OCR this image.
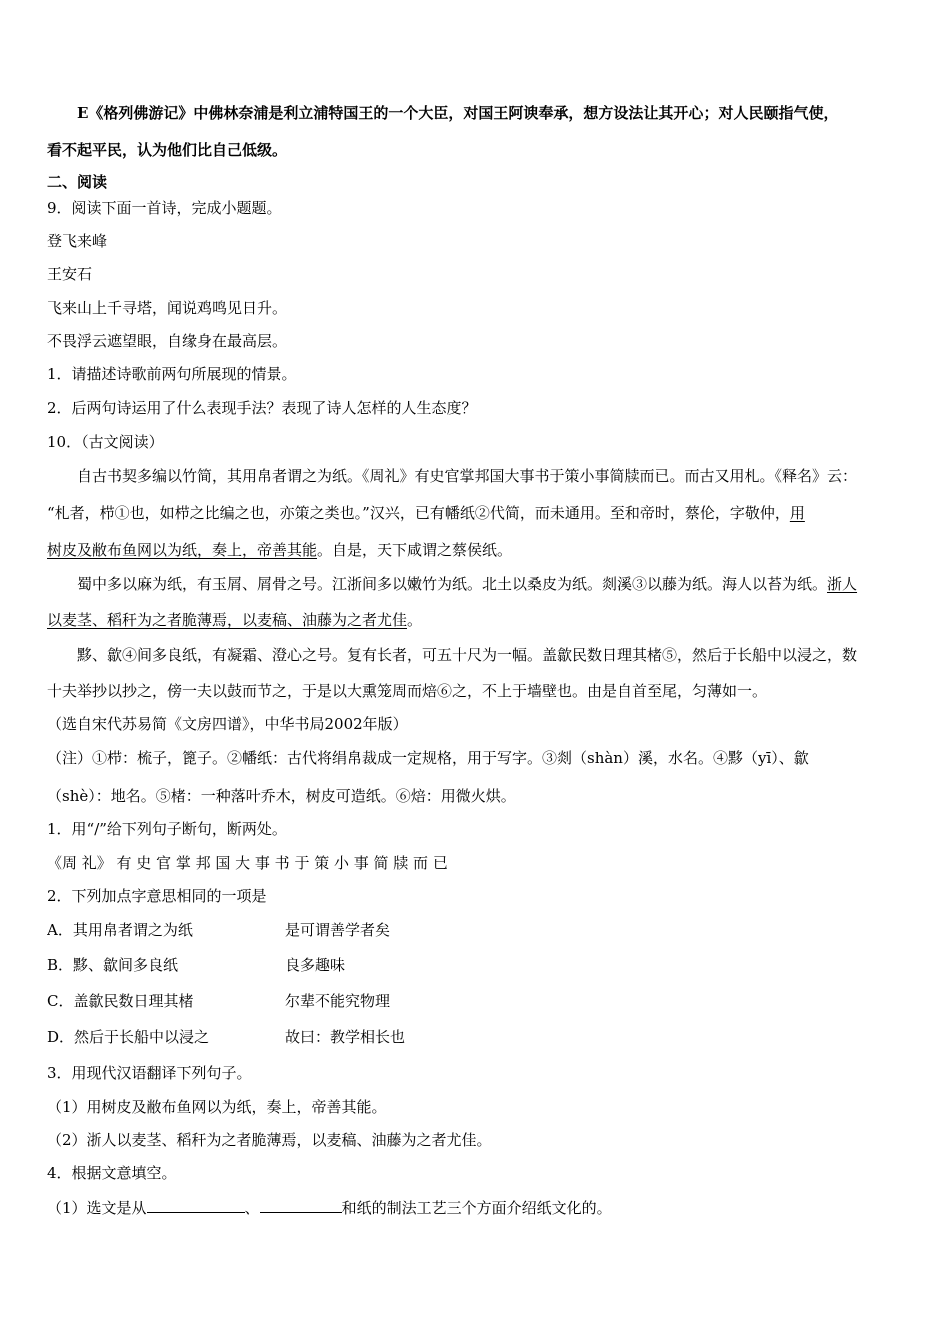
E《格列佛游记》中佛林奈浦是利立浦特国王的一个大臣，对国王阿谀奉承，想方设法让其开心；对人民颐指气使，
看不起平民，认为他们比自己低级。
二、阅读
9．阅读下面一首诗，完成小题题。
登飞来峰
王安石
飞来山上千寻塔，闻说鸡鸣见日升。
不畏浮云遮望眼，自缘身在最高层。
1．请描述诗歌前两句所展现的情景。
2．后两句诗运用了什么表现手法？表现了诗人怎样的人生态度？
10．（古文阅读）
自古书契多编以竹简，其用帛者谓之为纸。《周礼》有史官掌邦国大事书于策小事简牍而已。而古又用札。《释名》云：
“札者，栉①也，如栉之比编之也，亦策之类也。”汉兴，已有幡纸②代简，而未通用。至和帝时，蔡伦，字敬仲，用
树皮及敝布鱼网以为纸，奏上，帝善其能。自是，天下咸谓之蔡侯纸。
蜀中多以麻为纸，有玉屑、屑骨之号。江浙间多以嫩竹为纸。北土以桑皮为纸。剡溪③以藤为纸。海人以苔为纸。浙人
以麦茎、稻秆为之者脆薄焉，以麦稿、油藤为之者尤佳。
黟、歙④间多良纸，有凝霜、澄心之号。复有长者，可五十尺为一幅。盖歙民数日理其楮⑤，然后于长船中以浸之，数
十夫举抄以抄之，傍一夫以鼓而节之，于是以大熏笼周而焙⑥之，不上于墙壁也。由是自首至尾，匀薄如一。
（选自宋代苏易简《文房四谱》，中华书局2002年版）
（注）①栉：梳子，篦子。②幡纸：古代将绢帛裁成一定规格，用于写字。③剡（shàn）溪，水名。④黟（yī）、歙
（shè）：地名。⑤楮：一种落叶乔木，树皮可造纸。⑥焙：用微火烘。
1．用“/”给下列句子断句，断两处。
《周 礼》 有 史 官 掌 邦 国 大 事 书 于 策 小 事 简 牍 而 已
2．下列加点字意思相同的一项是
A．其用帛者谓之为纸	是可谓善学者矣
B．黟、歙间多良纸	良多趣味
C．盖歙民数日理其楮	尔辈不能究物理
D．然后于长船中以浸之	故曰：教学相长也
3．用现代汉语翻译下列句子。
（1）用树皮及敝布鱼网以为纸，奏上，帝善其能。
（2）浙人以麦茎、稻秆为之者脆薄焉，以麦稿、油藤为之者尤佳。
4．根据文意填空。
（1）选文是从	、	和纸的制法工艺三个方面介绍纸文化的。
